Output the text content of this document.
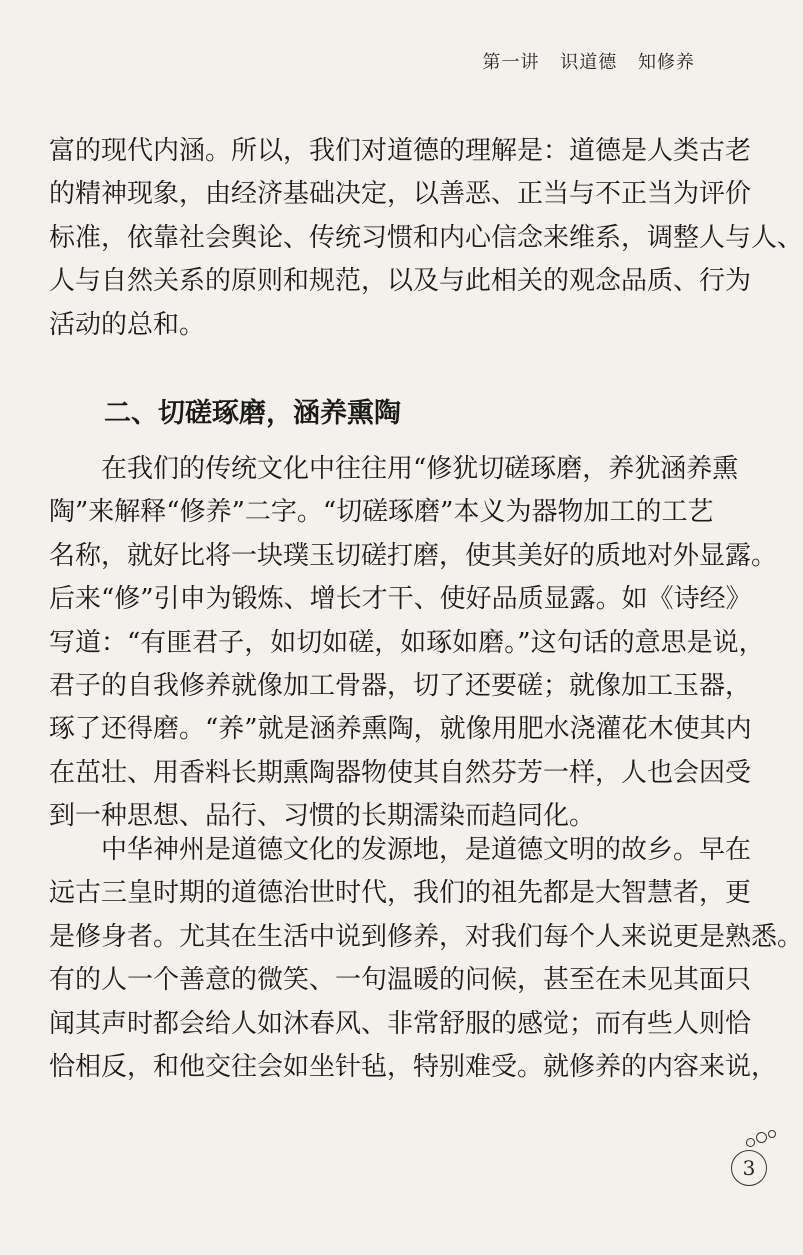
第一讲 识道德 知修养
富的现代内涵。所以，我们对道德的理解是：道德是人类古老
的精神现象，由经济基础决定，以善恶、正当与不正当为评价
标准，依靠社会舆论、传统习惯和内心信念来维系，调整人与人、
人与自然关系的原则和规范，以及与此相关的观念品质、行为
活动的总和。
二、切磋琢磨，涵养熏陶
　　在我们的传统文化中往往用“修犹切磋琢磨，养犹涵养熏
陶”来解释“修养”二字。“切磋琢磨”本义为器物加工的工艺
名称，就好比将一块璞玉切磋打磨，使其美好的质地对外显露。
后来“修”引申为锻炼、增长才干、使好品质显露。如《诗经》
写道：“有匪君子，如切如磋，如琢如磨。”这句话的意思是说，
君子的自我修养就像加工骨器，切了还要磋；就像加工玉器，
琢了还得磨。“养”就是涵养熏陶，就像用肥水浇灌花木使其内
在茁壮、用香料长期熏陶器物使其自然芬芳一样，人也会因受
到一种思想、品行、习惯的长期濡染而趋同化。
　　中华神州是道德文化的发源地，是道德文明的故乡。早在
远古三皇时期的道德治世时代，我们的祖先都是大智慧者，更
是修身者。尤其在生活中说到修养，对我们每个人来说更是熟悉。
有的人一个善意的微笑、一句温暖的问候，甚至在未见其面只
闻其声时都会给人如沐春风、非常舒服的感觉；而有些人则恰
恰相反，和他交往会如坐针毡，特别难受。就修养的内容来说，
3
